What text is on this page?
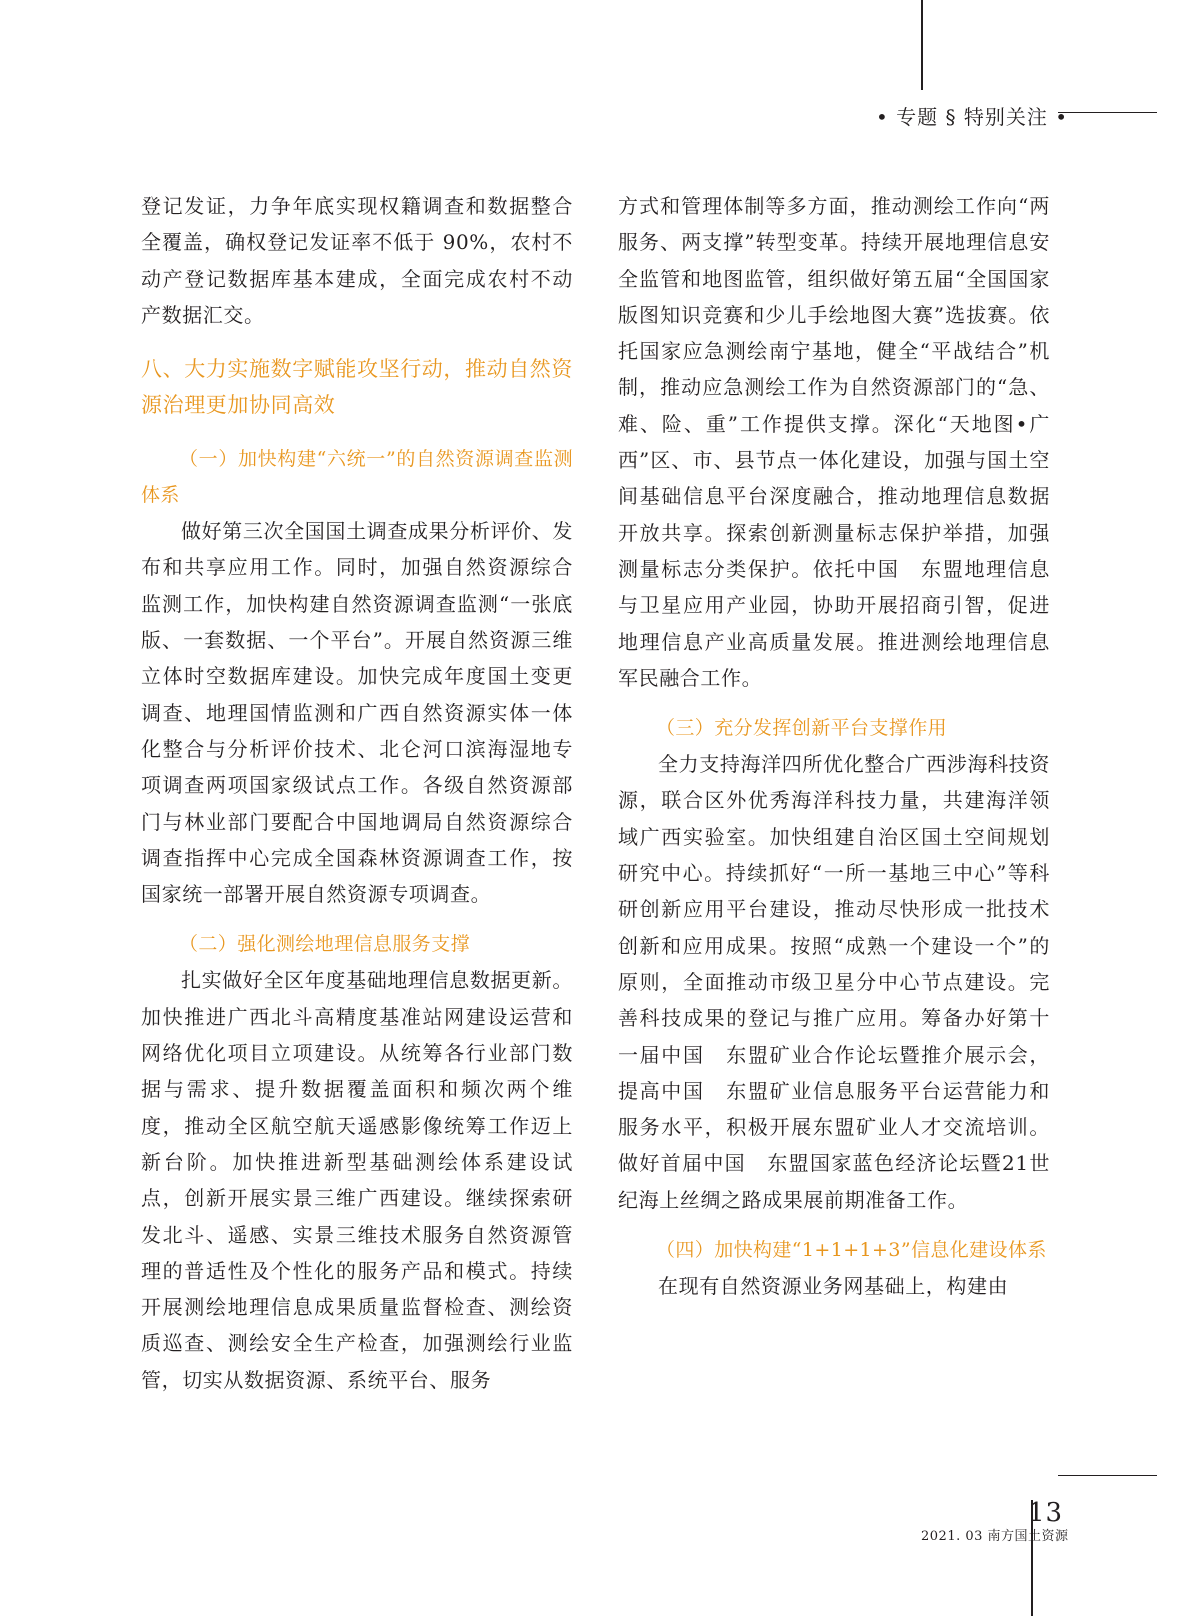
• 专题 § 特别关注 •

登记发证，力争年底实现权籍调查和数据整合全覆盖，确权登记发证率不低于 90%，农村不动产登记数据库基本建成，全面完成农村不动产数据汇交。

八、大力实施数字赋能攻坚行动，推动自然资源治理更加协同高效

（一）加快构建“六统一”的自然资源调查监测体系

做好第三次全国国土调查成果分析评价、发布和共享应用工作。同时，加强自然资源综合监测工作，加快构建自然资源调查监测“一张底版、一套数据、一个平台”。开展自然资源三维立体时空数据库建设。加快完成年度国土变更调查、地理国情监测和广西自然资源实体一体化整合与分析评价技术、北仑河口滨海湿地专项调查两项国家级试点工作。各级自然资源部门与林业部门要配合中国地调局自然资源综合调查指挥中心完成全国森林资源调查工作，按国家统一部署开展自然资源专项调查。

（二）强化测绘地理信息服务支撑

扎实做好全区年度基础地理信息数据更新。加快推进广西北斗高精度基准站网建设运营和网络优化项目立项建设。从统筹各行业部门数据与需求、提升数据覆盖面积和频次两个维度，推动全区航空航天遥感影像统筹工作迈上新台阶。加快推进新型基础测绘体系建设试点，创新开展实景三维广西建设。继续探索研发北斗、遥感、实景三维技术服务自然资源管理的普适性及个性化的服务产品和模式。持续开展测绘地理信息成果质量监督检查、测绘资质巡查、测绘安全生产检查，加强测绘行业监管，切实从数据资源、系统平台、服务

方式和管理体制等多方面，推动测绘工作向“两服务、两支撑”转型变革。持续开展地理信息安全监管和地图监管，组织做好第五届“全国国家版图知识竞赛和少儿手绘地图大赛”选拔赛。依托国家应急测绘南宁基地，健全“平战结合”机制，推动应急测绘工作为自然资源部门的“急、难、险、重”工作提供支撑。深化“天地图•广西”区、市、县节点一体化建设，加强与国土空间基础信息平台深度融合，推动地理信息数据开放共享。探索创新测量标志保护举措，加强测量标志分类保护。依托中国　东盟地理信息与卫星应用产业园，协助开展招商引智，促进地理信息产业高质量发展。推进测绘地理信息军民融合工作。

（三）充分发挥创新平台支撑作用

全力支持海洋四所优化整合广西涉海科技资源，联合区外优秀海洋科技力量，共建海洋领域广西实验室。加快组建自治区国土空间规划研究中心。持续抓好“一所一基地三中心”等科研创新应用平台建设，推动尽快形成一批技术创新和应用成果。按照“成熟一个建设一个”的原则，全面推动市级卫星分中心节点建设。完善科技成果的登记与推广应用。筹备办好第十一届中国　东盟矿业合作论坛暨推介展示会，提高中国　东盟矿业信息服务平台运营能力和服务水平，积极开展东盟矿业人才交流培训。做好首届中国　东盟国家蓝色经济论坛暨21世纪海上丝绸之路成果展前期准备工作。

（四）加快构建“1+1+1+3”信息化建设体系

在现有自然资源业务网基础上，构建由

2021. 03 南方国土资源
13
